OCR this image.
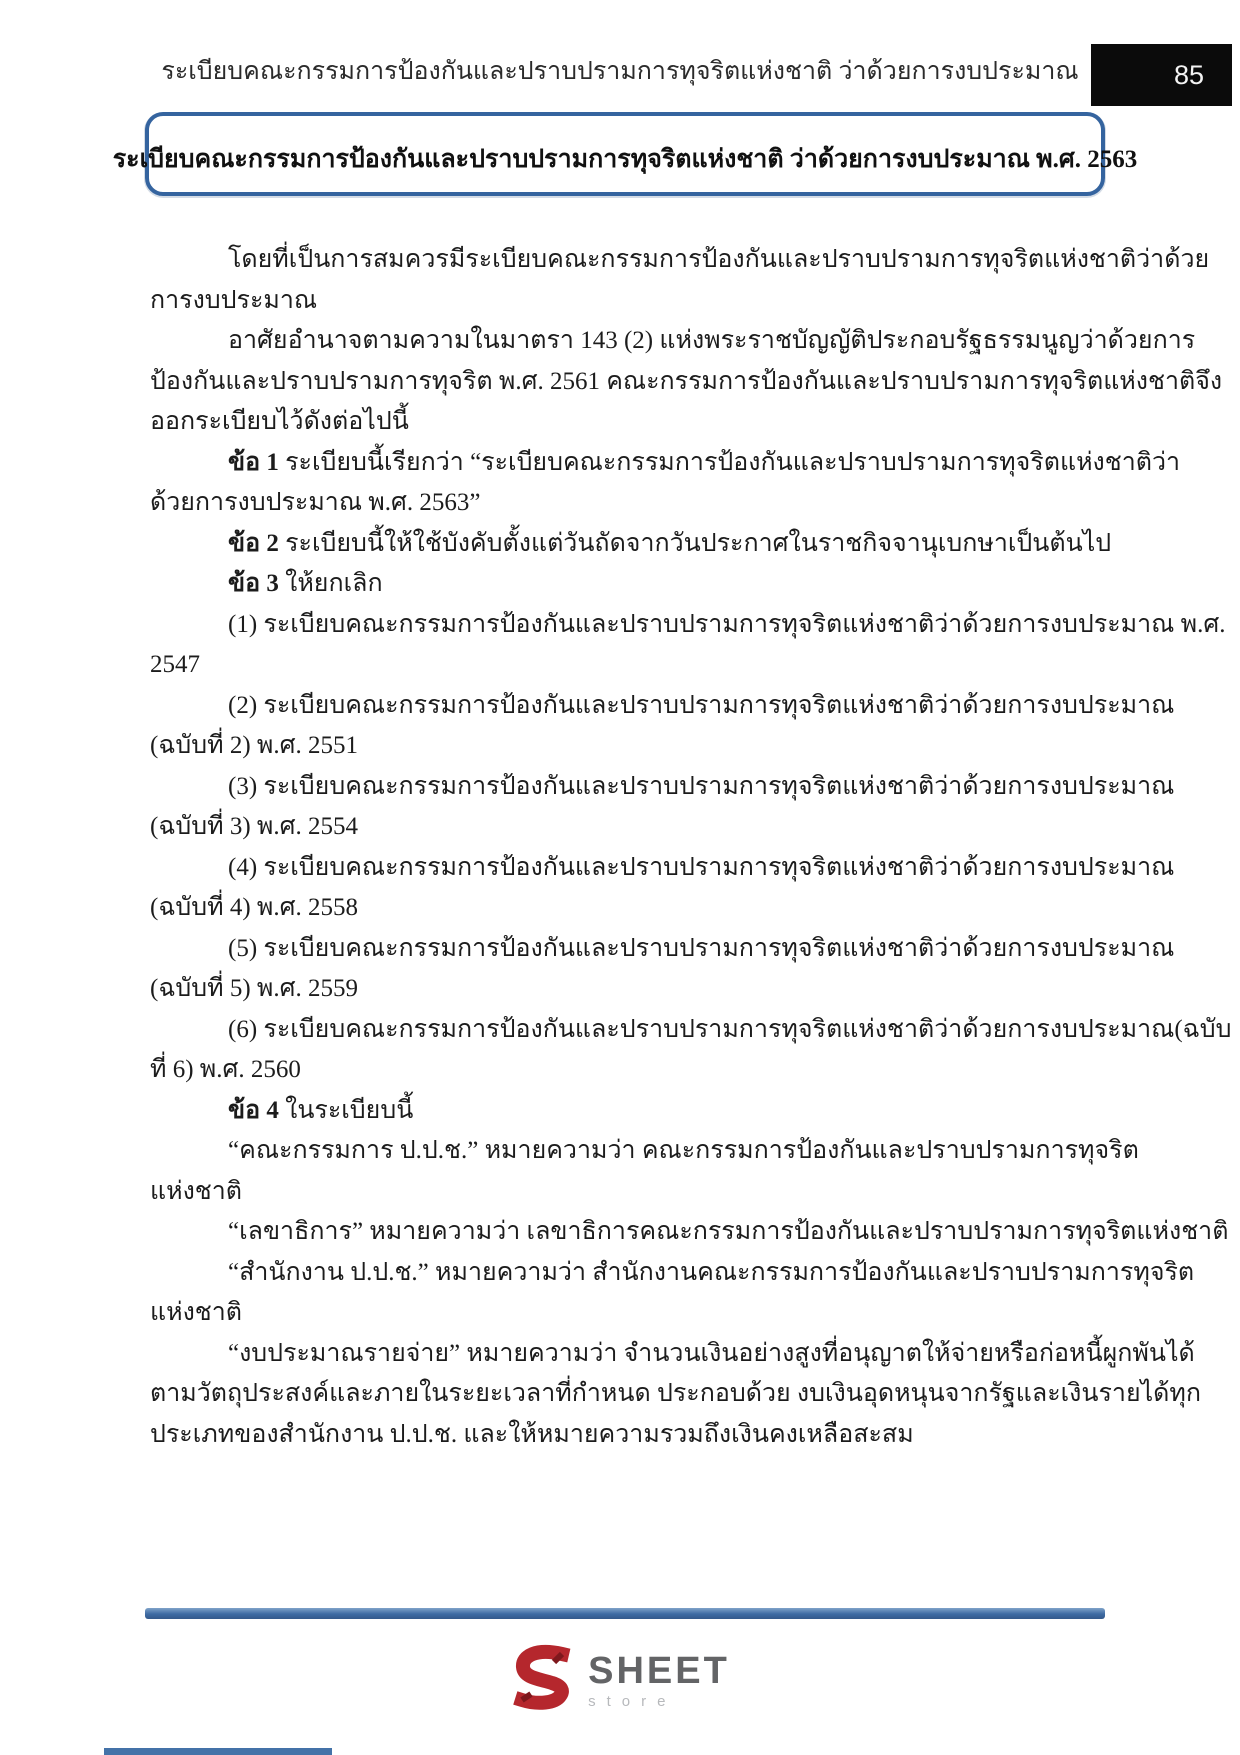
ระเบียบคณะกรรมการป้องกันและปราบปรามการทุจริตแห่งชาติ ว่าด้วยการงบประมาณ	85
ระเบียบคณะกรรมการป้องกันและปราบปรามการทุจริตแห่งชาติ ว่าด้วยการงบประมาณ พ.ศ. 2563
โดยที่เป็นการสมควรมีระเบียบคณะกรรมการป้องกันและปราบปรามการทุจริตแห่งชาติว่าด้วย
การงบประมาณ
อาศัยอำนาจตามความในมาตรา 143 (2) แห่งพระราชบัญญัติประกอบรัฐธรรมนูญว่าด้วยการ
ป้องกันและปราบปรามการทุจริต พ.ศ. 2561 คณะกรรมการป้องกันและปราบปรามการทุจริตแห่งชาติจึง
ออกระเบียบไว้ดังต่อไปนี้
ข้อ 1 ระเบียบนี้เรียกว่า “ระเบียบคณะกรรมการป้องกันและปราบปรามการทุจริตแห่งชาติว่า
ด้วยการงบประมาณ พ.ศ. 2563”
ข้อ 2 ระเบียบนี้ให้ใช้บังคับตั้งแต่วันถัดจากวันประกาศในราชกิจจานุเบกษาเป็นต้นไป
ข้อ 3 ให้ยกเลิก
(1) ระเบียบคณะกรรมการป้องกันและปราบปรามการทุจริตแห่งชาติว่าด้วยการงบประมาณ พ.ศ.
2547
(2) ระเบียบคณะกรรมการป้องกันและปราบปรามการทุจริตแห่งชาติว่าด้วยการงบประมาณ
(ฉบับที่ 2) พ.ศ. 2551
(3) ระเบียบคณะกรรมการป้องกันและปราบปรามการทุจริตแห่งชาติว่าด้วยการงบประมาณ
(ฉบับที่ 3) พ.ศ. 2554
(4) ระเบียบคณะกรรมการป้องกันและปราบปรามการทุจริตแห่งชาติว่าด้วยการงบประมาณ
(ฉบับที่ 4) พ.ศ. 2558
(5) ระเบียบคณะกรรมการป้องกันและปราบปรามการทุจริตแห่งชาติว่าด้วยการงบประมาณ
(ฉบับที่ 5) พ.ศ. 2559
(6) ระเบียบคณะกรรมการป้องกันและปราบปรามการทุจริตแห่งชาติว่าด้วยการงบประมาณ(ฉบับ
ที่ 6) พ.ศ. 2560
ข้อ 4 ในระเบียบนี้
“คณะกรรมการ ป.ป.ช.” หมายความว่า คณะกรรมการป้องกันและปราบปรามการทุจริต
แห่งชาติ
“เลขาธิการ” หมายความว่า เลขาธิการคณะกรรมการป้องกันและปราบปรามการทุจริตแห่งชาติ
“สำนักงาน ป.ป.ช.” หมายความว่า สำนักงานคณะกรรมการป้องกันและปราบปรามการทุจริต
แห่งชาติ
“งบประมาณรายจ่าย” หมายความว่า จำนวนเงินอย่างสูงที่อนุญาตให้จ่ายหรือก่อหนี้ผูกพันได้
ตามวัตถุประสงค์และภายในระยะเวลาที่กำหนด ประกอบด้วย งบเงินอุดหนุนจากรัฐและเงินรายได้ทุก
ประเภทของสำนักงาน ป.ป.ช. และให้หมายความรวมถึงเงินคงเหลือสะสม
SHEET
store
